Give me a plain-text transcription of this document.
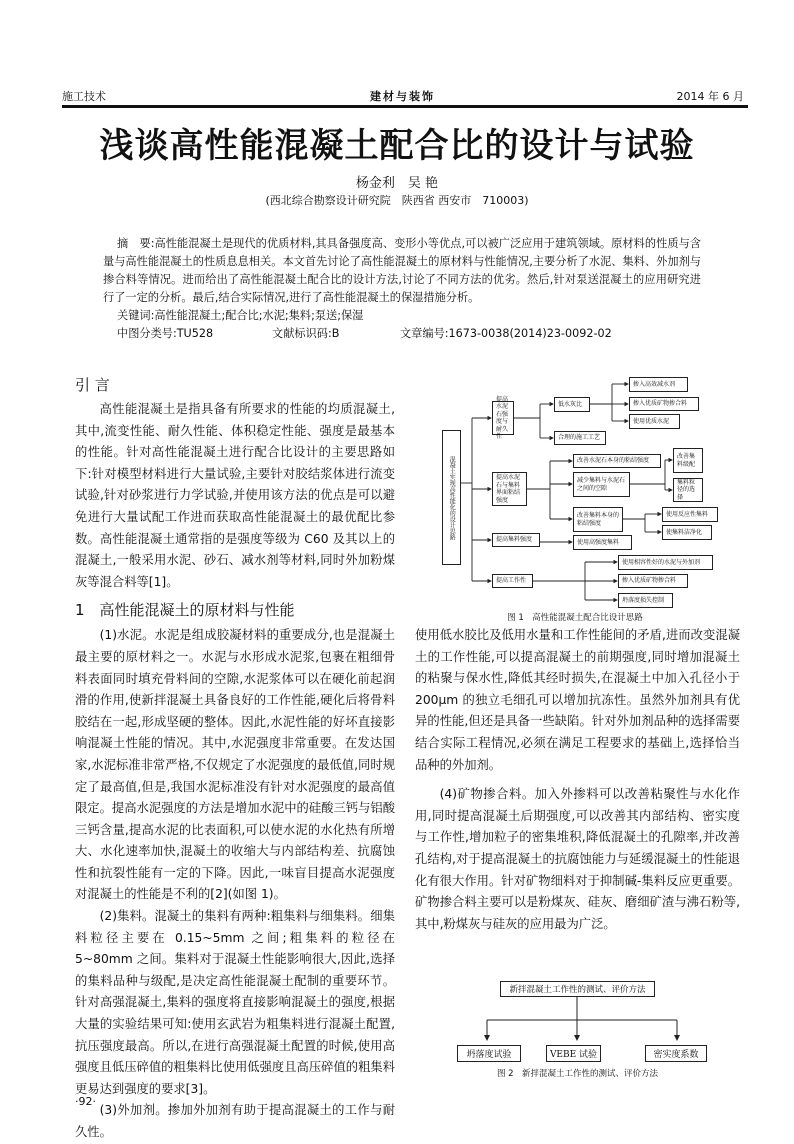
施工技术	建材与装饰	2014 年 6 月
浅谈高性能混凝土配合比的设计与试验
杨金利　吴 艳
(西北综合勘察设计研究院　陕西省 西安市　710003)
摘　要:高性能混凝土是现代的优质材料,其具备强度高、变形小等优点,可以被广泛应用于建筑领域。原材料的性质与含量与高性能混凝土的性质息息相关。本文首先讨论了高性能混凝土的原材料与性能情况,主要分析了水泥、集料、外加剂与掺合料等情况。进而给出了高性能混凝土配合比的设计方法,讨论了不同方法的优劣。然后,针对泵送混凝土的应用研究进行了一定的分析。最后,结合实际情况,进行了高性能混凝土的保湿措施分析。
关键词:高性能混凝土;配合比;水泥;集料;泵送;保湿
中图分类号:TU528	文献标识码:B	文章编号:1673-0038(2014)23-0092-02
引 言

高性能混凝土是指具备有所要求的性能的均质混凝土,其中,流变性能、耐久性能、体积稳定性能、强度是最基本的性能。针对高性能混凝土进行配合比设计的主要思路如下:针对模型材料进行大量试验,主要针对胶结浆体进行流变试验,针对砂浆进行力学试验,并使用该方法的优点是可以避免进行大量试配工作进而获取高性能混凝土的最优配比参数。高性能混凝土通常指的是强度等级为 C60 及其以上的混凝土,一般采用水泥、砂石、减水剂等材料,同时外加粉煤灰等混合料等[1]。

1　高性能混凝土的原材料与性能

(1)水泥。水泥是组成胶凝材料的重要成分,也是混凝土最主要的原材料之一。水泥与水形成水泥浆,包裹在粗细骨料表面同时填充骨料间的空隙,水泥浆体可以在硬化前起润滑的作用,使新拌混凝土具备良好的工作性能,硬化后将骨料胶结在一起,形成坚硬的整体。因此,水泥性能的好坏直接影响混凝土性能的情况。其中,水泥强度非常重要。在发达国家,水泥标准非常严格,不仅规定了水泥强度的最低值,同时规定了最高值,但是,我国水泥标准没有针对水泥强度的最高值限定。提高水泥强度的方法是增加水泥中的硅酸三钙与铝酸三钙含量,提高水泥的比表面积,可以使水泥的水化热有所增大、水化速率加快,混凝土的收缩大与内部结构差、抗腐蚀性和抗裂性能有一定的下降。因此,一味盲目提高水泥强度对混凝土的性能是不利的[2](如图 1)。

(2)集料。混凝土的集料有两种:粗集料与细集料。细集料粒径主要在 0.15~5mm 之间;粗集料的粒径在 5~80mm 之间。集料对于混凝土性能影响很大,因此,选择的集料品种与级配,是决定高性能混凝土配制的重要环节。针对高强混凝土,集料的强度将直接影响混凝土的强度,根据大量的实验结果可知:使用玄武岩为粗集料进行混凝土配置,抗压强度最高。所以,在进行高强混凝土配置的时候,使用高强度且低压碎值的粗集料比使用低强度且高压碎值的粗集料更易达到强度的要求[3]。

(3)外加剂。掺加外加剂有助于提高混凝土的工作与耐久性。

·92·
混凝土实现高性能化的设计思路
提高水泥石强度与耐久性
低水灰比
合理的施工工艺
掺入高效减水剂
掺入优质矿物掺合料
使用优质水泥
提高水泥石与集料界面粘结强度
改善水泥石本身的粘结强度
减少集料与水泥石之间的空隙
改善集料级配
集料粒径的选择
改善集料本身的粘结强度
使用反应性集料
使集料洁净化
提高集料强度	使用高强度集料
提高工作性
使用相容性好的水泥与外加剂
掺入优质矿物掺合料
坍落度损失控制
图 1　高性能混凝土配合比设计思路

使用低水胶比及低用水量和工作性能间的矛盾,进而改变混凝土的工作性能,可以提高混凝土的前期强度,同时增加混凝土的粘聚与保水性,降低其经时损失,在混凝土中加入孔径小于 200μm 的独立毛细孔可以增加抗冻性。虽然外加剂具有优异的性能,但还是具备一些缺陷。针对外加剂品种的选择需要结合实际工程情况,必须在满足工程要求的基础上,选择恰当品种的外加剂。

(4)矿物掺合料。加入外掺料可以改善粘聚性与水化作用,同时提高混凝土后期强度,可以改善其内部结构、密实度与工作性,增加粒子的密集堆积,降低混凝土的孔隙率,并改善孔结构,对于提高混凝土的抗腐蚀能力与延缓混凝土的性能退化有很大作用。针对矿物细料对于抑制碱-集料反应更重要。矿物掺合料主要可以是粉煤灰、硅灰、磨细矿渣与沸石粉等,其中,粉煤灰与硅灰的应用最为广泛。

新拌混凝土工作性的测试、评价方法
坍落度试验	VEBE 试验	密实度系数
图 2　新拌混凝土工作性的测试、评价方法
